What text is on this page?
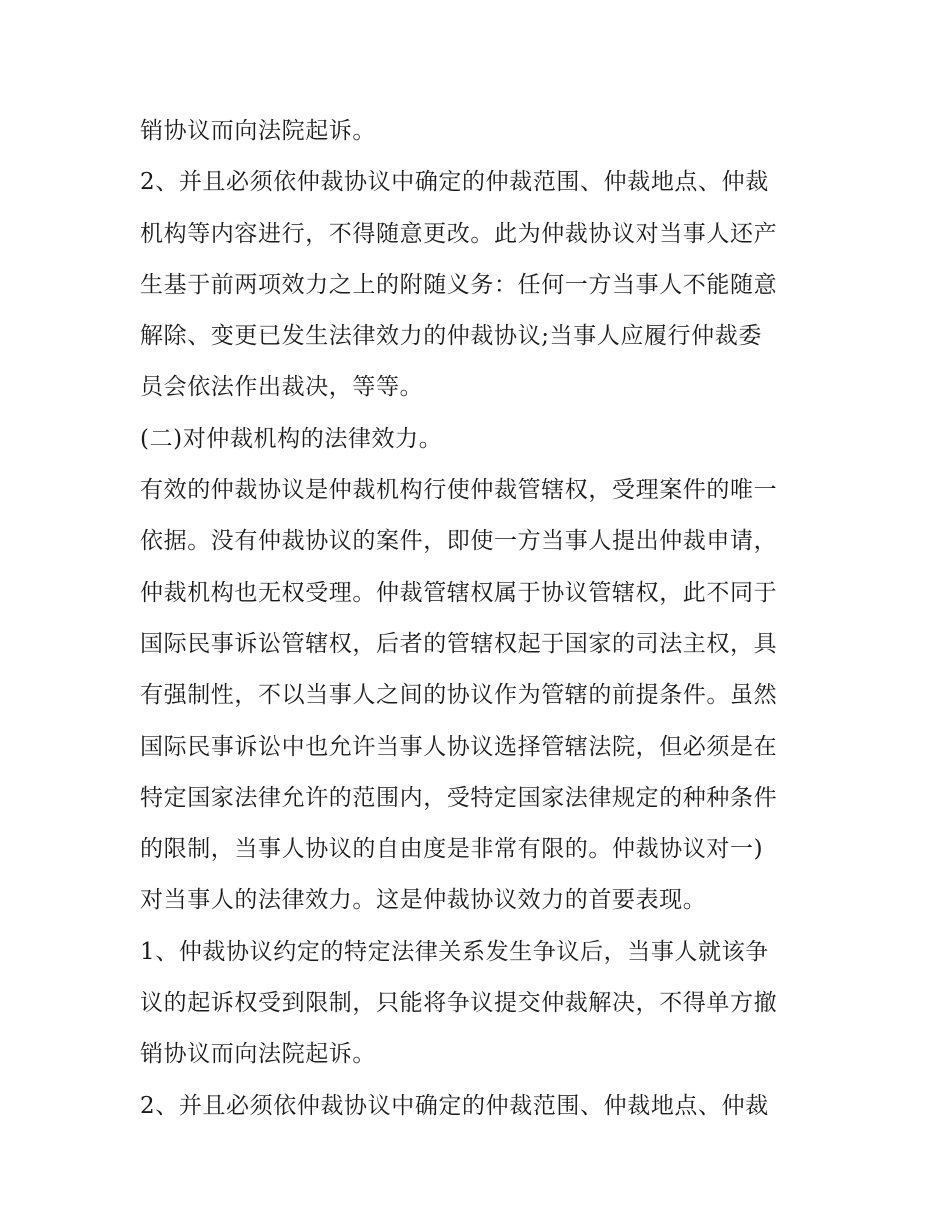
销协议而向法院起诉。
2、并且必须依仲裁协议中确定的仲裁范围、仲裁地点、仲裁
机构等内容进行，不得随意更改。此为仲裁协议对当事人还产
生基于前两项效力之上的附随义务：任何一方当事人不能随意
解除、变更已发生法律效力的仲裁协议;当事人应履行仲裁委
员会依法作出裁决，等等。
(二)对仲裁机构的法律效力。
有效的仲裁协议是仲裁机构行使仲裁管辖权，受理案件的唯一
依据。没有仲裁协议的案件，即使一方当事人提出仲裁申请，
仲裁机构也无权受理。仲裁管辖权属于协议管辖权，此不同于
国际民事诉讼管辖权，后者的管辖权起于国家的司法主权，具
有强制性，不以当事人之间的协议作为管辖的前提条件。虽然
国际民事诉讼中也允许当事人协议选择管辖法院，但必须是在
特定国家法律允许的范围内，受特定国家法律规定的种种条件
的限制，当事人协议的自由度是非常有限的。仲裁协议对一)
对当事人的法律效力。这是仲裁协议效力的首要表现。
1、仲裁协议约定的特定法律关系发生争议后，当事人就该争
议的起诉权受到限制，只能将争议提交仲裁解决，不得单方撤
销协议而向法院起诉。
2、并且必须依仲裁协议中确定的仲裁范围、仲裁地点、仲裁
